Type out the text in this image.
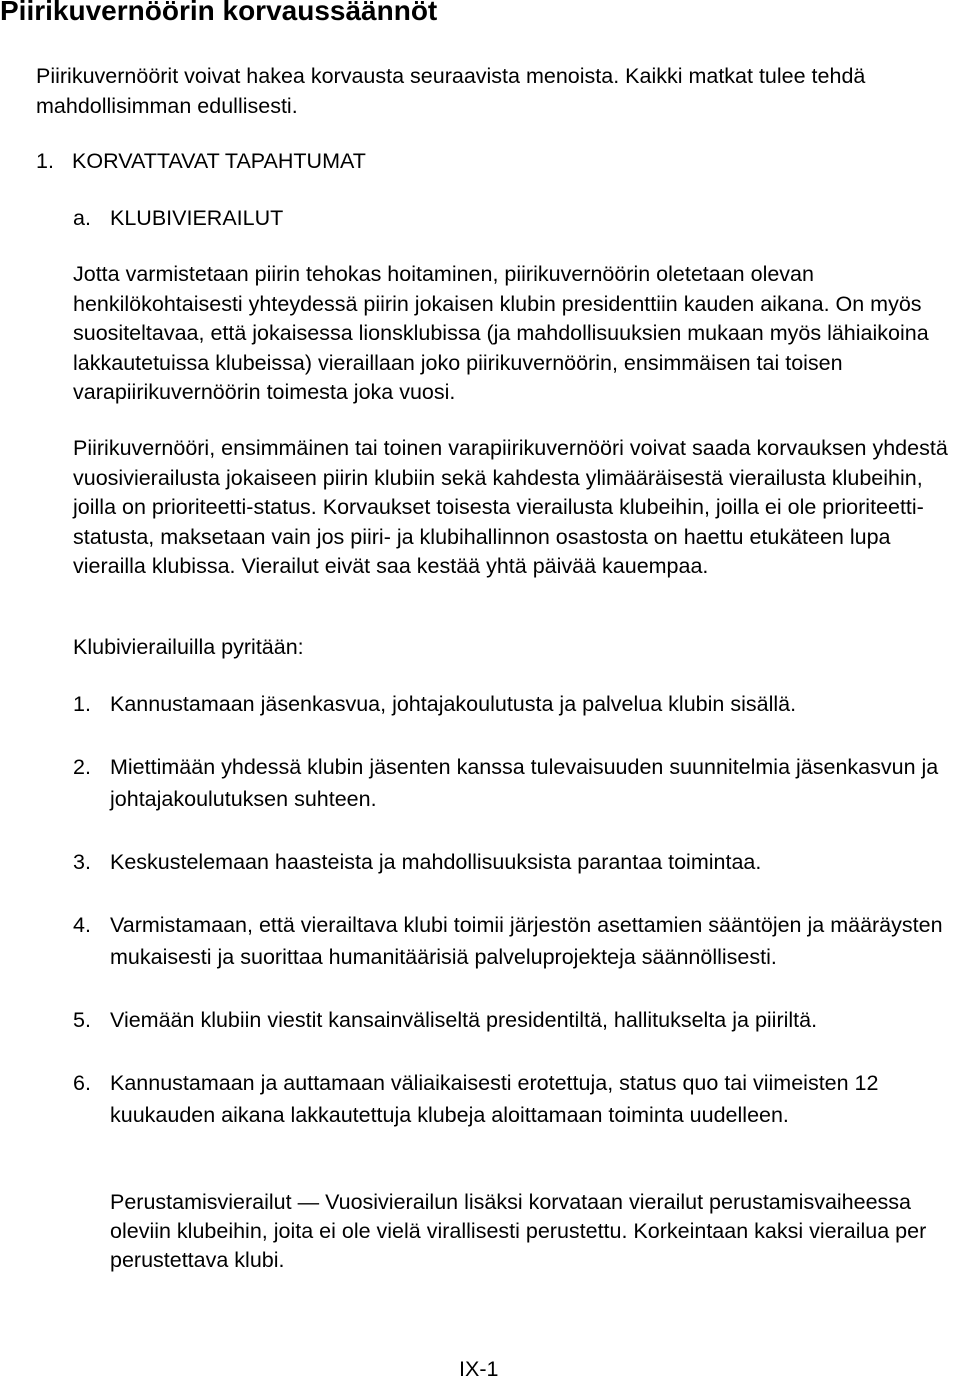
Piirikuvernöörin korvaussäännöt

Piirikuvernöörit voivat hakea korvausta seuraavista menoista. Kaikki matkat tulee tehdä mahdollisimman edullisesti.

1. KORVATTAVAT TAPAHTUMAT

a. KLUBIVIERAILUT

Jotta varmistetaan piirin tehokas hoitaminen, piirikuvernöörin oletetaan olevan henkilökohtaisesti yhteydessä piirin jokaisen klubin presidenttiin kauden aikana. On myös suositeltavaa, että jokaisessa lionsklubissa (ja mahdollisuuksien mukaan myös lähiaikoina lakkautetuissa klubeissa) vieraillaan joko piirikuvernöörin, ensimmäisen tai toisen varapiirikuvernöörin toimesta joka vuosi.

Piirikuvernööri, ensimmäinen tai toinen varapiirikuvernööri voivat saada korvauksen yhdestä vuosivierailusta jokaiseen piirin klubiin sekä kahdesta ylimääräisestä vierailusta klubeihin, joilla on prioriteetti-status. Korvaukset toisesta vierailusta klubeihin, joilla ei ole prioriteetti-statusta, maksetaan vain jos piiri- ja klubihallinnon osastosta on haettu etukäteen lupa vierailla klubissa. Vierailut eivät saa kestää yhtä päivää kauempaa.

Klubivierailuilla pyritään:

1. Kannustamaan jäsenkasvua, johtajakoulutusta ja palvelua klubin sisällä.
2. Miettimään yhdessä klubin jäsenten kanssa tulevaisuuden suunnitelmia jäsenkasvun ja johtajakoulutuksen suhteen.
3. Keskustelemaan haasteista ja mahdollisuuksista parantaa toimintaa.
4. Varmistamaan, että vierailtava klubi toimii järjestön asettamien sääntöjen ja määräysten mukaisesti ja suorittaa humanitäärisiä palveluprojekteja säännöllisesti.
5. Viemään klubiin viestit kansainväliseltä presidentiltä, hallitukselta ja piiriltä.
6. Kannustamaan ja auttamaan väliaikaisesti erotettuja, status quo tai viimeisten 12 kuukauden aikana lakkautettuja klubeja aloittamaan toiminta uudelleen.

Perustamisvierailut — Vuosivierailun lisäksi korvataan vierailut perustamisvaiheessa oleviin klubeihin, joita ei ole vielä virallisesti perustettu. Korkeintaan kaksi vierailua per perustettava klubi.

IX-1
